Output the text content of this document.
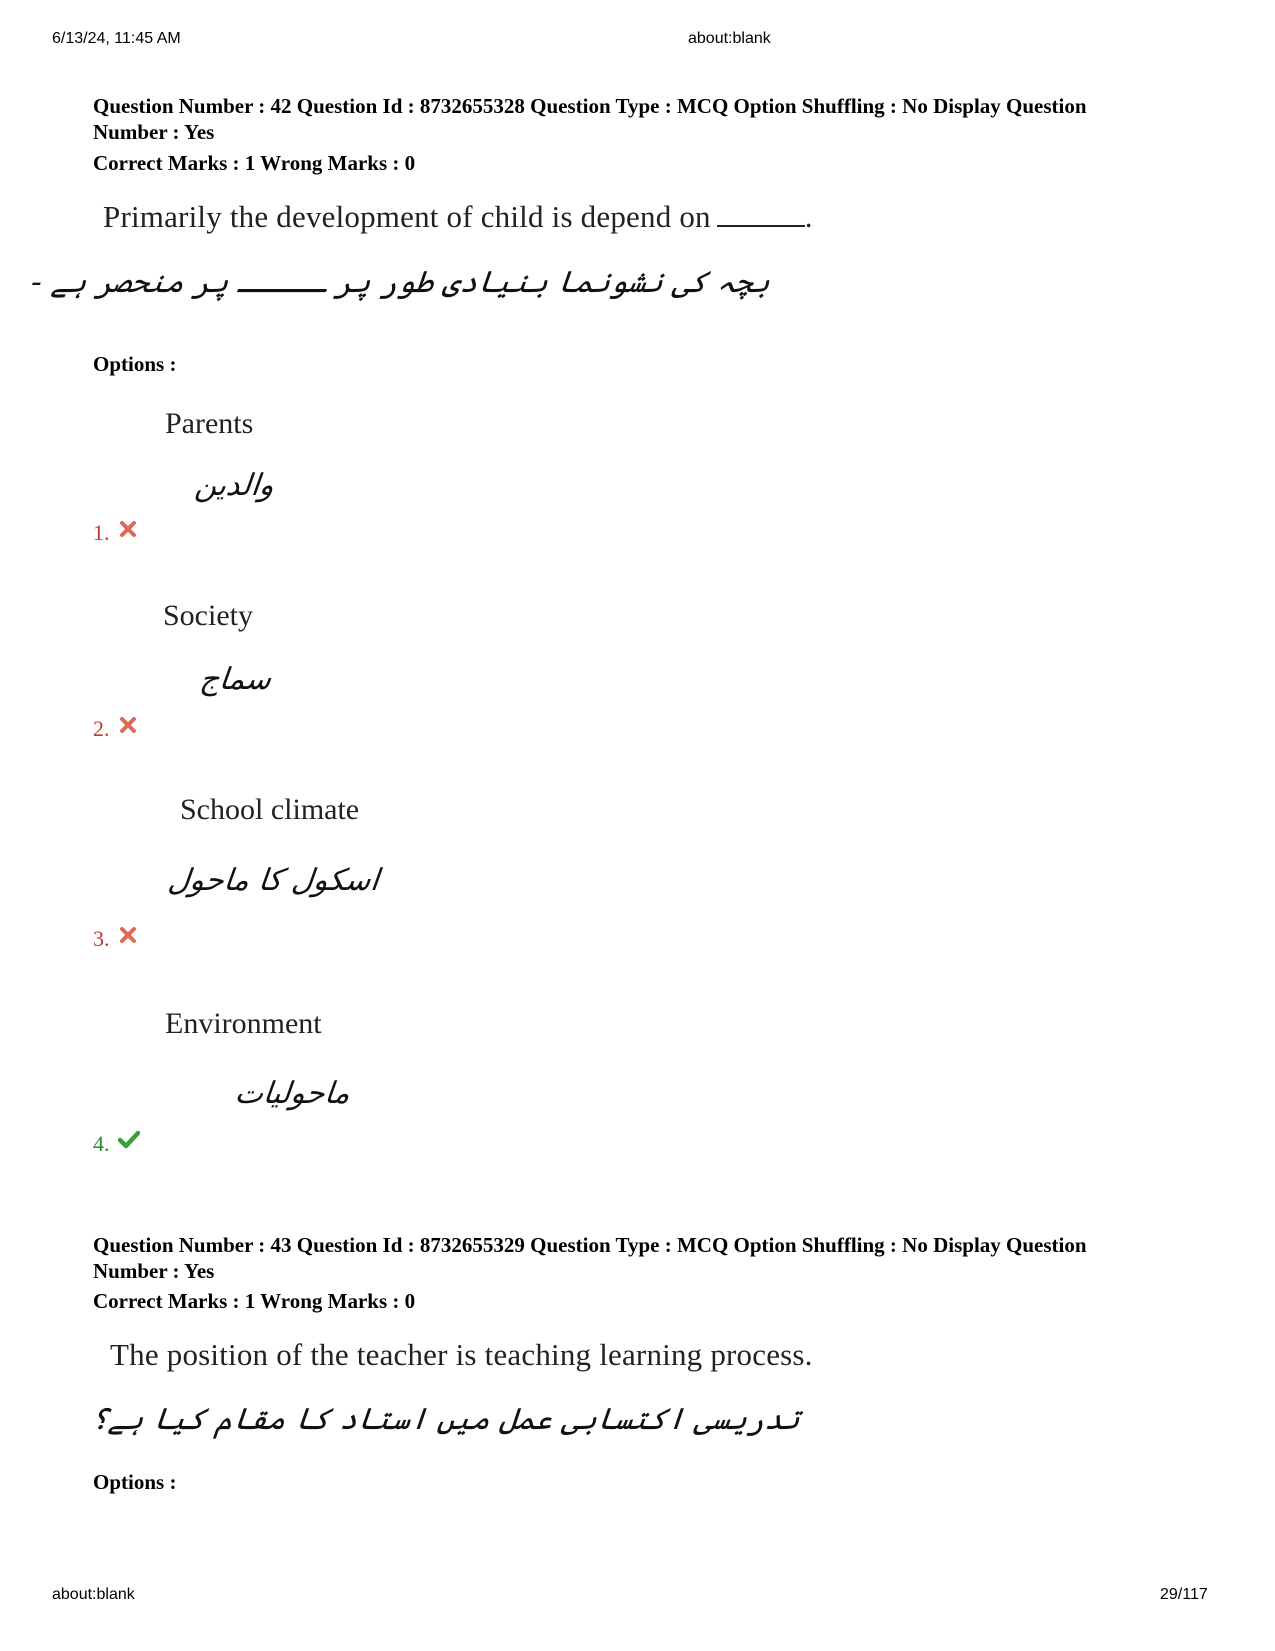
6/13/24, 11:45 AM	about:blank
Question Number : 42 Question Id : 8732655328 Question Type : MCQ Option Shuffling : No Display Question
Number : Yes
Correct Marks : 1 Wrong Marks : 0
Primarily the development of child is depend on	.
بچہ کی نشونما بنیادی طور پر ـــــ پر منحصر ہے -
Options :
Parents
والدین
1.
Society
سماج
2.
School climate
اسکول کا ماحول
3.
Environment
ماحولیات
4.
Question Number : 43 Question Id : 8732655329 Question Type : MCQ Option Shuffling : No Display Question
Number : Yes
Correct Marks : 1 Wrong Marks : 0
The position of the teacher is teaching learning process.
تدریسی اکتسابی عمل میں استاد کا مقام کیا ہے؟
Options :
about:blank	29/117
